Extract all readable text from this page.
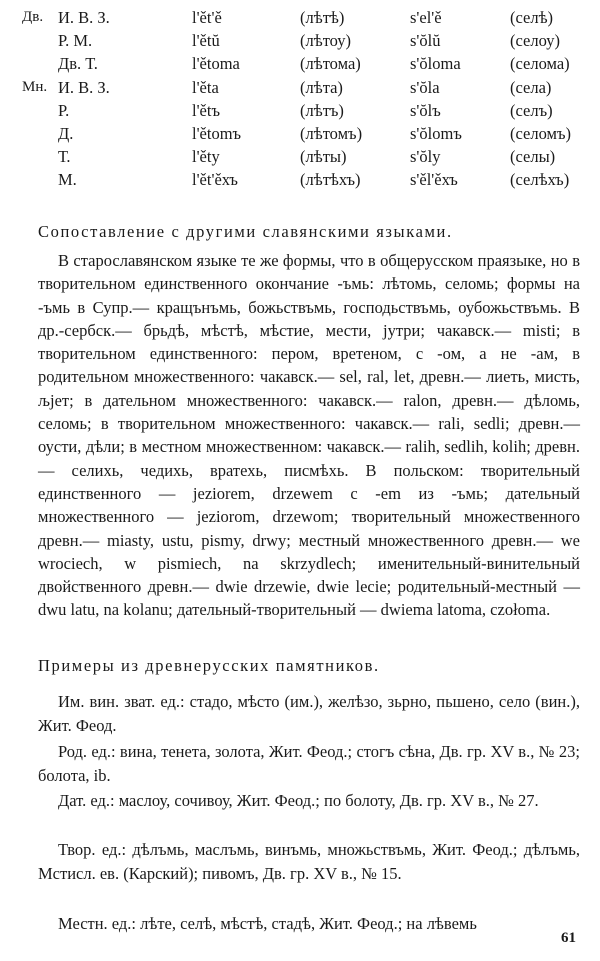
Дв. И. В. З.	l'ět'ě	(лѣтѣ)	s'el'ě	(селѣ)
Р. М.	l'ětŭ	(лѣтоу)	s'ŏlŭ	(селоу)
Дв. Т.	l'ětoma	(лѣтома)	s'ŏloma	(селома)
Мн. И. В. З.	l'ěta	(лѣта)	s'ŏla	(села)
Р.	l'ětъ	(лѣтъ)	s'ŏlъ	(селъ)
Д.	l'ětomъ	(лѣтомъ)	s'ŏlomъ	(селомъ)
Т.	l'ěty	(лѣты)	s'ŏly	(селы)
М.	l'ět'ěхъ	(лѣтѣхъ)	s'ěl'ěхъ	(селѣхъ)
Сопоставление с другими славянскими языками.

В старославянском языке те же формы, что в общерусском праязыке, но в творительном единственного окончание -ъмь: лѣтомь, селомь; формы на -ъмь в Супр.— кращънъмь, божьствъмь, господьствъмь, оубожьствъмь. В др.-сербск.— брьдѣ, мѣстѣ, мѣстие, мести, јутри; чакавск.— misti; в творительном единственного: пером, вретеном, с -ом, а не -ам, в родительном множественного: чакавск.— sel, ral, let, древн.— лиеть, мисть, љјет; в дательном множественного: чакавск.— ralon, древн.— дѣломь, селомь; в творительном множественного: чакавск.— rali, sedli; древн.— оусти, дѣли; в местном множественном: чакавск.— ralih, sedlih, kolih; древн.— селихь, чедихь, вратехь, писмѣхь. В польском: творительный единственного — jeziorem, drzewem с -em из -ъмь; дательный множественного — jeziorom, drzewom; творительный множественного древн.— miasty, ustu, pismy, drwy; местный множественного древн.— we wrociech, w pismiech, na skrzydlech; именительный-винительный двойственного древн.— dwie drzewie, dwie lecie; родительный-местный — dwu latu, na kolanu; дательный-творительный — dwiema latoma, czołoma.

Примеры из древнерусских памятников.

Им. вин. зват. ед.: стадо, мѣсто (им.), желѣзо, зьрно, пьшено, село (вин.), Жит. Феод.

Род. ед.: вина, тенета, золота, Жит. Феод.; стогъ сѣна, Дв. гр. XV в., № 23; болота, ib.

Дат. ед.: маслоу, сочивоу, Жит. Феод.; по болоту, Дв. гр. XV в., № 27.

Твор. ед.: дѣлъмь, маслъмь, винъмь, множьствъмь, Жит. Феод.; дѣлъмь, Мстисл. ев. (Карский); пивомъ, Дв. гр. XV в., № 15.

Местн. ед.: лѣте, селѣ, мѣстѣ, стадѣ, Жит. Феод.; на лѣвемь

61
